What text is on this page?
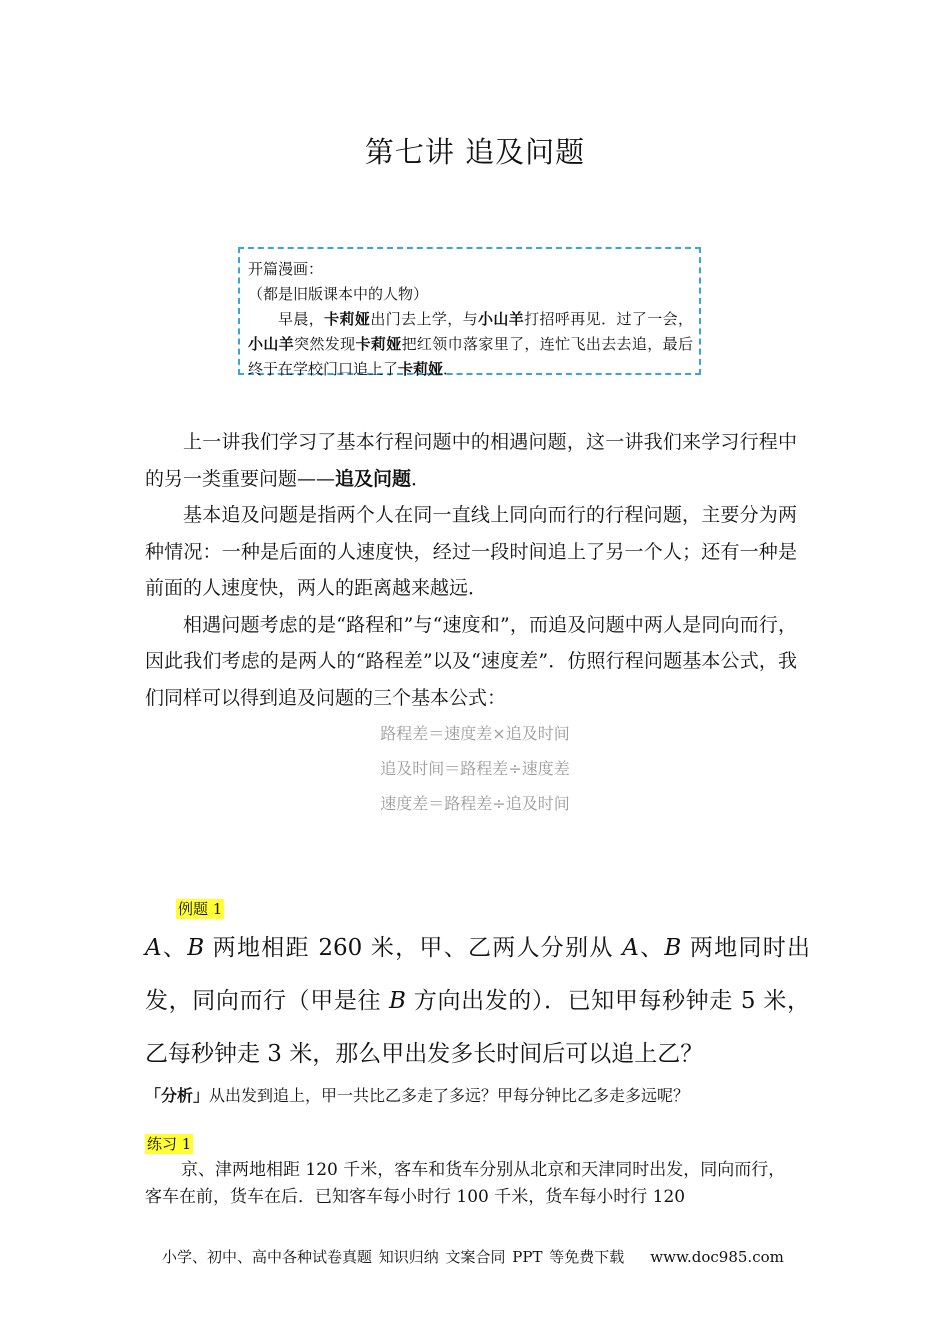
第七讲 追及问题

开篇漫画：

（都是旧版课本中的人物）

早晨，卡莉娅出门去上学，与小山羊打招呼再见．过了一会，小山羊突然发现卡莉娅把红领巾落家里了，连忙飞出去去追，最后终于在学校门口追上了卡莉娅．

上一讲我们学习了基本行程问题中的相遇问题，这一讲我们来学习行程中的另一类重要问题——追及问题．

基本追及问题是指两个人在同一直线上同向而行的行程问题，主要分为两种情况：一种是后面的人速度快，经过一段时间追上了另一个人；还有一种是前面的人速度快，两人的距离越来越远．

相遇问题考虑的是“路程和”与“速度和”，而追及问题中两人是同向而行，因此我们考虑的是两人的“路程差”以及“速度差”．仿照行程问题基本公式，我们同样可以得到追及问题的三个基本公式：

路程差＝速度差×追及时间
追及时间＝路程差÷速度差
速度差＝路程差÷追及时间
例题 1
A、B 两地相距 260 米，甲、乙两人分别从 A、B 两地同时出发，同向而行（甲是往 B 方向出发的）．已知甲每秒钟走 5 米，乙每秒钟走 3 米，那么甲出发多长时间后可以追上乙？
「分析」从出发到追上，甲一共比乙多走了多远？甲每分钟比乙多走多远呢？
练习 1

京、津两地相距 120 千米，客车和货车分别从北京和天津同时出发，同向而行，客车在前，货车在后．已知客车每小时行 100 千米，货车每小时行 120

小学、初中、高中各种试卷真题 知识归纳 文案合同 PPT 等免费下载 www.doc985.com
